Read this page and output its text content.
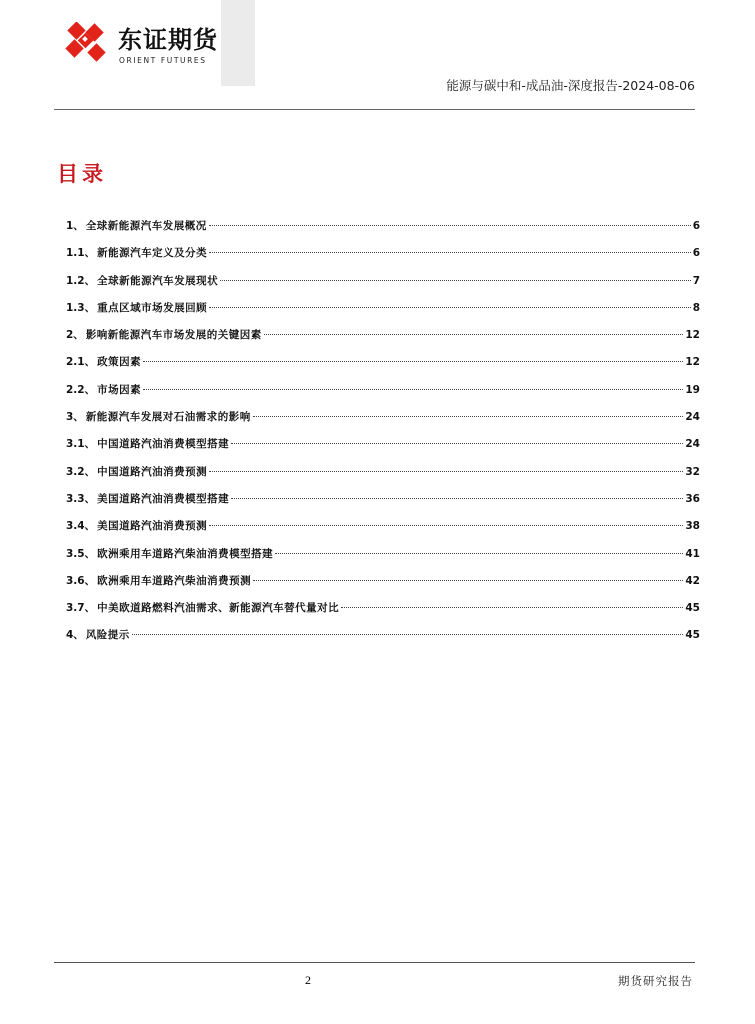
东证期货
ORIENT FUTURES
能源与碳中和-成品油-深度报告-2024-08-06
目录
1、 全球新能源汽车发展概况	6
1.1、 新能源汽车定义及分类	6
1.2、 全球新能源汽车发展现状	7
1.3、 重点区域市场发展回顾	8
2、 影响新能源汽车市场发展的关键因素	12
2.1、 政策因素	12
2.2、 市场因素	19
3、 新能源汽车发展对石油需求的影响	24
3.1、 中国道路汽油消费模型搭建	24
3.2、 中国道路汽油消费预测	32
3.3、 美国道路汽油消费模型搭建	36
3.4、 美国道路汽油消费预测	38
3.5、 欧洲乘用车道路汽柴油消费模型搭建	41
3.6、 欧洲乘用车道路汽柴油消费预测	42
3.7、 中美欧道路燃料汽油需求、新能源汽车替代量对比	45
4、 风险提示	45
2	期货研究报告
